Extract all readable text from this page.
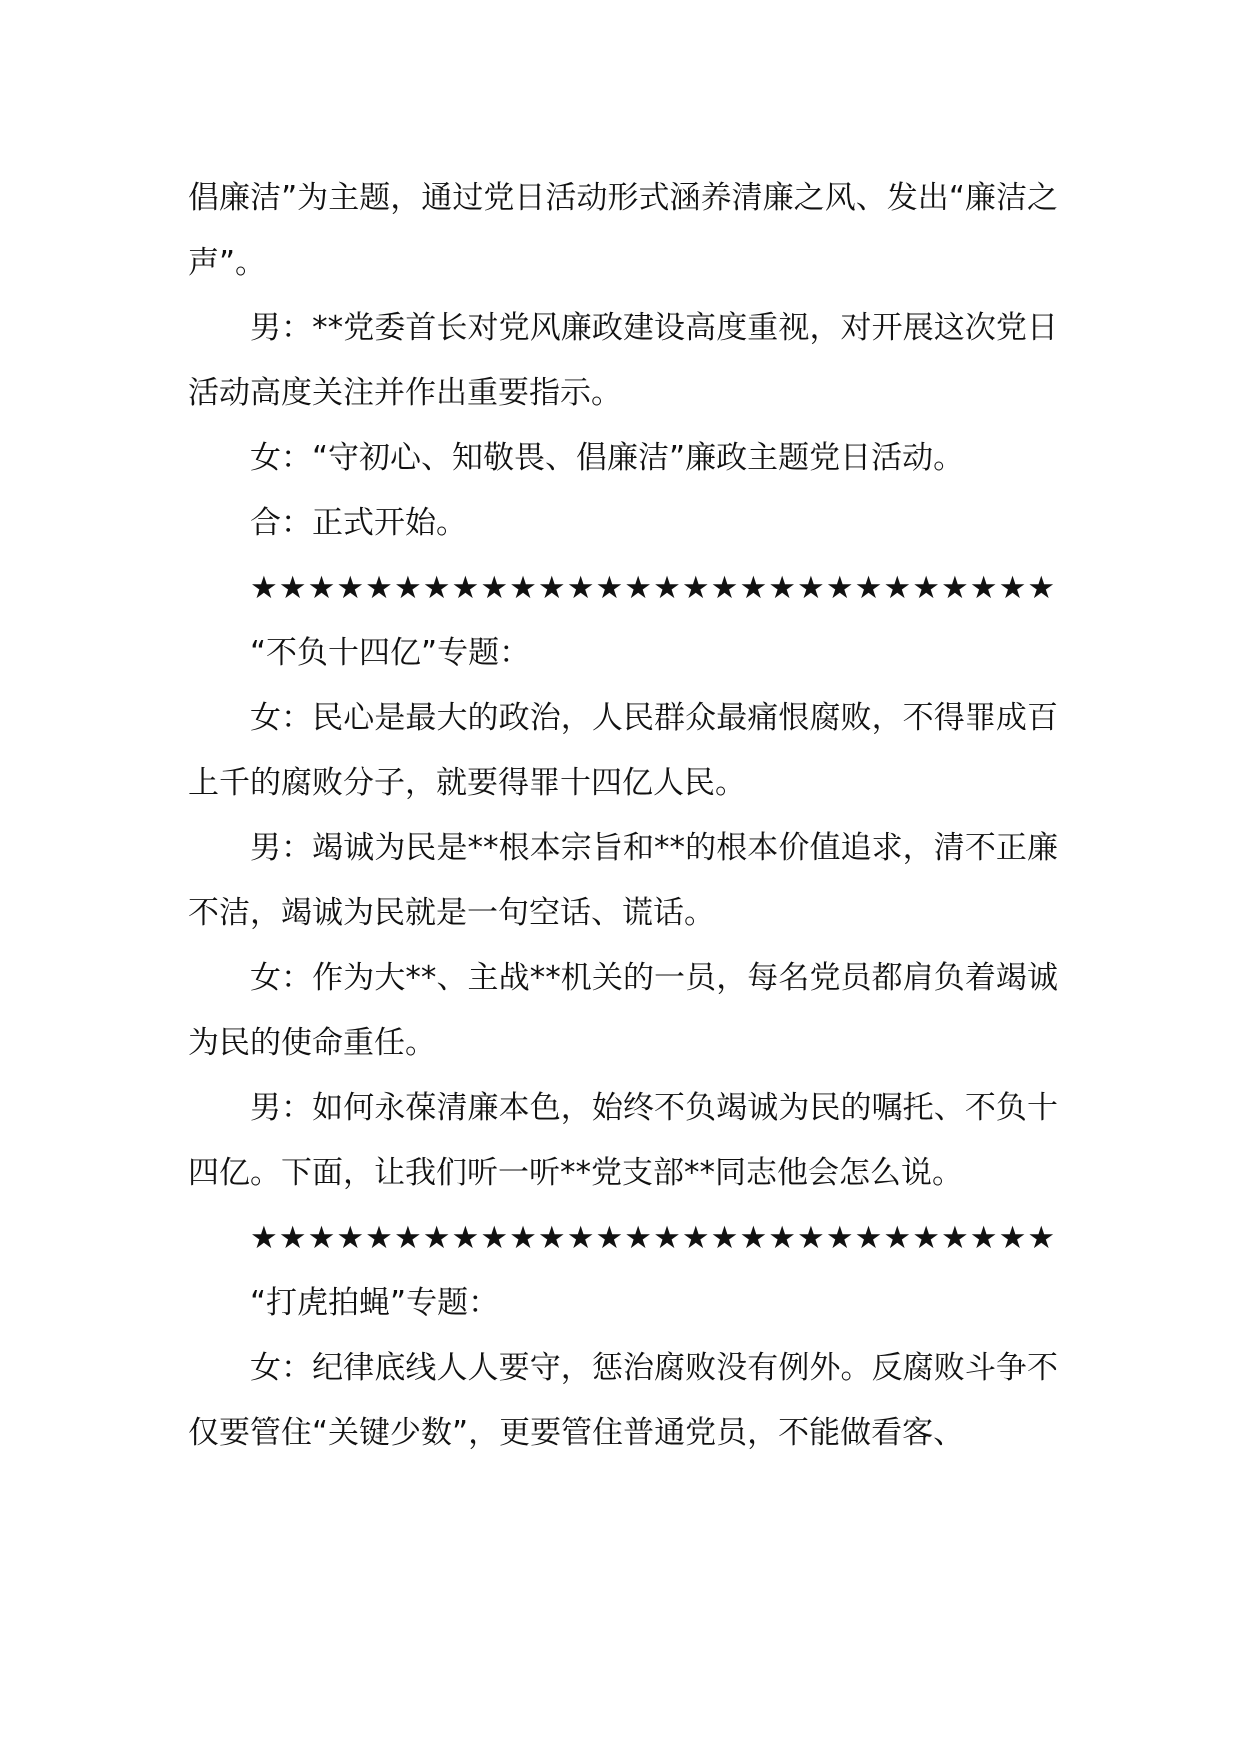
倡廉洁”为主题，通过党日活动形式涵养清廉之风、发出“廉洁之声”。

男：**党委首长对党风廉政建设高度重视，对开展这次党日活动高度关注并作出重要指示。

女：“守初心、知敬畏、倡廉洁”廉政主题党日活动。

合：正式开始。

★★★★★★★★★★★★★★★★★★★★★★★★★★★★

“不负十四亿”专题：

女：民心是最大的政治，人民群众最痛恨腐败，不得罪成百上千的腐败分子，就要得罪十四亿人民。

男：竭诚为民是**根本宗旨和**的根本价值追求，清不正廉不洁，竭诚为民就是一句空话、谎话。

女：作为大**、主战**机关的一员，每名党员都肩负着竭诚为民的使命重任。

男：如何永葆清廉本色，始终不负竭诚为民的嘱托、不负十四亿。下面，让我们听一听**党支部**同志他会怎么说。

★★★★★★★★★★★★★★★★★★★★★★★★★★★★

“打虎拍蝇”专题：

女：纪律底线人人要守，惩治腐败没有例外。反腐败斗争不仅要管住“关键少数”，更要管住普通党员，不能做看客、
